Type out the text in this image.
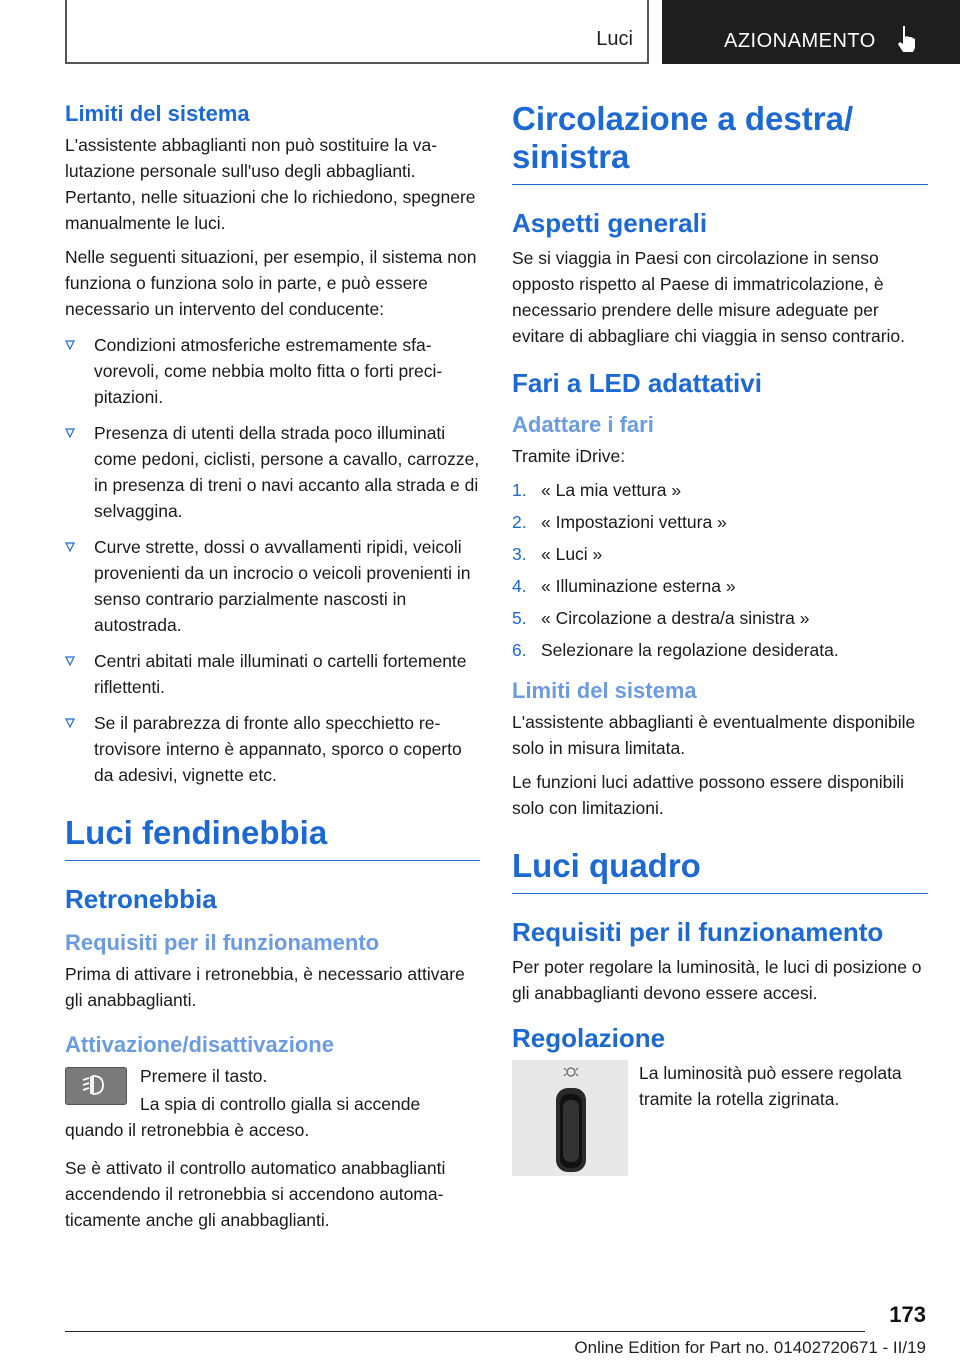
Luci	AZIONAMENTO
Limiti del sistema

L'assistente abbaglianti non può sostituire la valutazione personale sull'uso degli abbaglianti. Pertanto, nelle situazioni che lo richiedono, spegnere manualmente le luci.

Nelle seguenti situazioni, per esempio, il sistema non funziona o funziona solo in parte, e può essere necessario un intervento del conducente:

Condizioni atmosferiche estremamente sfavorevoli, come nebbia molto fitta o forti precipitazioni.
Presenza di utenti della strada poco illuminati come pedoni, ciclisti, persone a cavallo, carrozze, in presenza di treni o navi accanto alla strada e di selvaggina.
Curve strette, dossi o avvallamenti ripidi, veicoli provenienti da un incrocio o veicoli provenienti in senso contrario parzialmente nascosti in autostrada.
Centri abitati male illuminati o cartelli fortemente riflettenti.
Se il parabrezza di fronte allo specchietto retrovisore interno è appannato, sporco o coperto da adesivi, vignette etc.
Luci fendinebbia
Retronebbia
Requisiti per il funzionamento

Prima di attivare i retronebbia, è necessario attivare gli anabbaglianti.

Attivazione/disattivazione

Premere il tasto.

La spia di controllo gialla si accende quando il retronebbia è acceso.

Se è attivato il controllo automatico anabbaglianti accendendo il retronebbia si accendono automaticamente anche gli anabbaglianti.

Circolazione a destra/ sinistra
Aspetti generali

Se si viaggia in Paesi con circolazione in senso opposto rispetto al Paese di immatricolazione, è necessario prendere delle misure adeguate per evitare di abbagliare chi viaggia in senso contrario.

Fari a LED adattativi
Adattare i fari

Tramite iDrive:

1. « La mia vettura »
2. « Impostazioni vettura »
3. « Luci »
4. « Illuminazione esterna »
5. « Circolazione a destra/a sinistra »
6. Selezionare la regolazione desiderata.
Limiti del sistema

L'assistente abbaglianti è eventualmente disponibile solo in misura limitata.

Le funzioni luci adattive possono essere disponibili solo con limitazioni.

Luci quadro
Requisiti per il funzionamento

Per poter regolare la luminosità, le luci di posizione o gli anabbaglianti devono essere accesi.

Regolazione

La luminosità può essere regolata tramite la rotella zigrinata.

173
Online Edition for Part no. 01402720671 - II/19
